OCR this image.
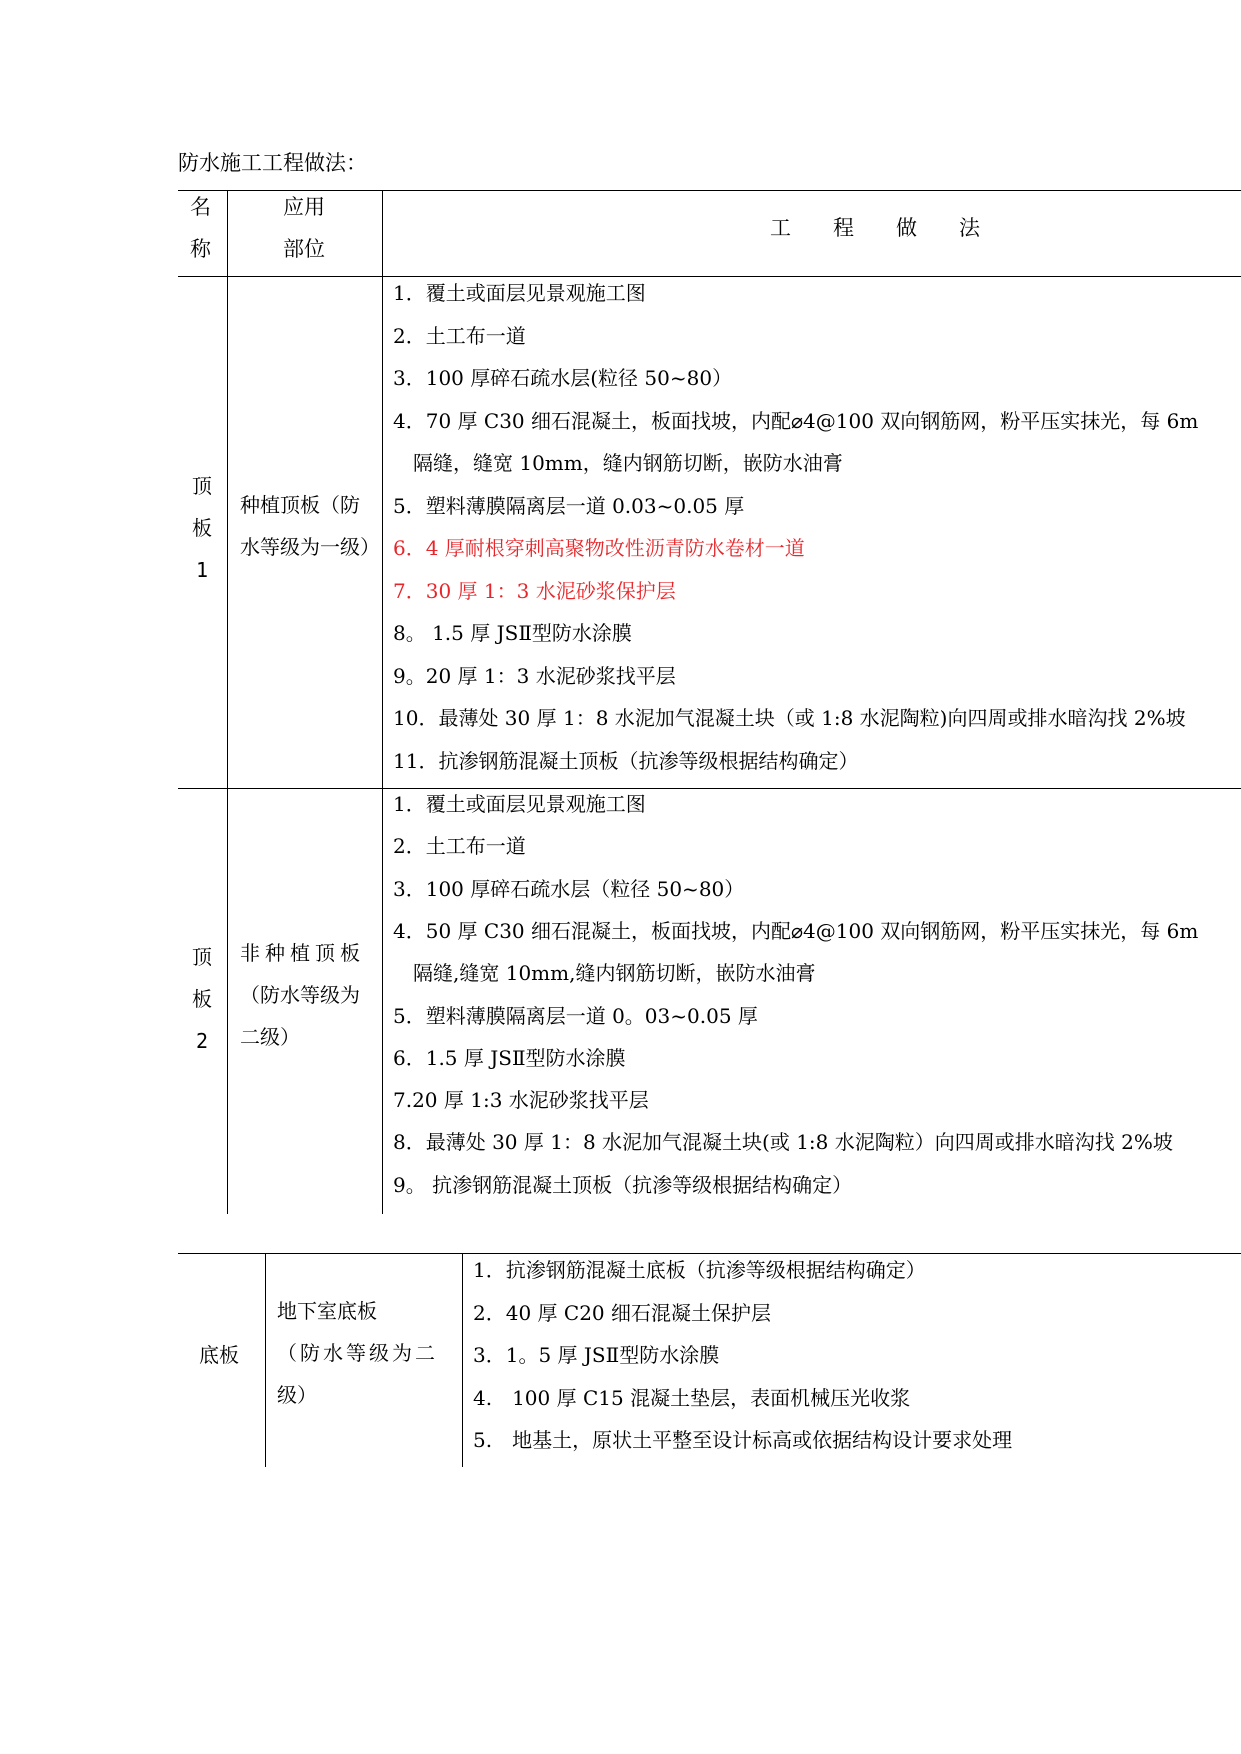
防水施工工程做法：
名
称
应用
部位
工　　程　　做　　法
顶
板
1
种植顶板（防
水等级为一级）
1．覆土或面层见景观施工图
2．土工布一道
3．100 厚碎石疏水层(粒径 50~80）
4．70 厚 C30 细石混凝土，板面找坡，内配⌀4@100 双向钢筋网，粉平压实抹光，每 6m
　隔缝，缝宽 10mm，缝内钢筋切断，嵌防水油膏
5．塑料薄膜隔离层一道 0.03~0.05 厚
6．4 厚耐根穿刺高聚物改性沥青防水卷材一道
7．30 厚 1：3 水泥砂浆保护层
8。 1.5 厚 JSⅡ型防水涂膜
9。20 厚 1：3 水泥砂浆找平层
10．最薄处 30 厚 1：8 水泥加气混凝土块（或 1:8 水泥陶粒)向四周或排水暗沟找 2%坡
11．抗渗钢筋混凝土顶板（抗渗等级根据结构确定）
顶
板
2
非种植顶板
（防水等级为
二级）
1．覆土或面层见景观施工图
2．土工布一道
3．100 厚碎石疏水层（粒径 50~80）
4．50 厚 C30 细石混凝土，板面找坡，内配⌀4@100 双向钢筋网，粉平压实抹光，每 6m
　隔缝,缝宽 10mm,缝内钢筋切断，嵌防水油膏
5．塑料薄膜隔离层一道 0。03~0.05 厚
6．1.5 厚 JSⅡ型防水涂膜
7.20 厚 1:3 水泥砂浆找平层
8．最薄处 30 厚 1：8 水泥加气混凝土块(或 1:8 水泥陶粒）向四周或排水暗沟找 2%坡
9。 抗渗钢筋混凝土顶板（抗渗等级根据结构确定）
底板
地下室底板
（防水等级为二
级）
1．抗渗钢筋混凝土底板（抗渗等级根据结构确定）
2．40 厚 C20 细石混凝土保护层
3．1。5 厚 JSⅡ型防水涂膜
4.　100 厚 C15 混凝土垫层，表面机械压光收浆
5.　地基土，原状土平整至设计标高或依据结构设计要求处理
